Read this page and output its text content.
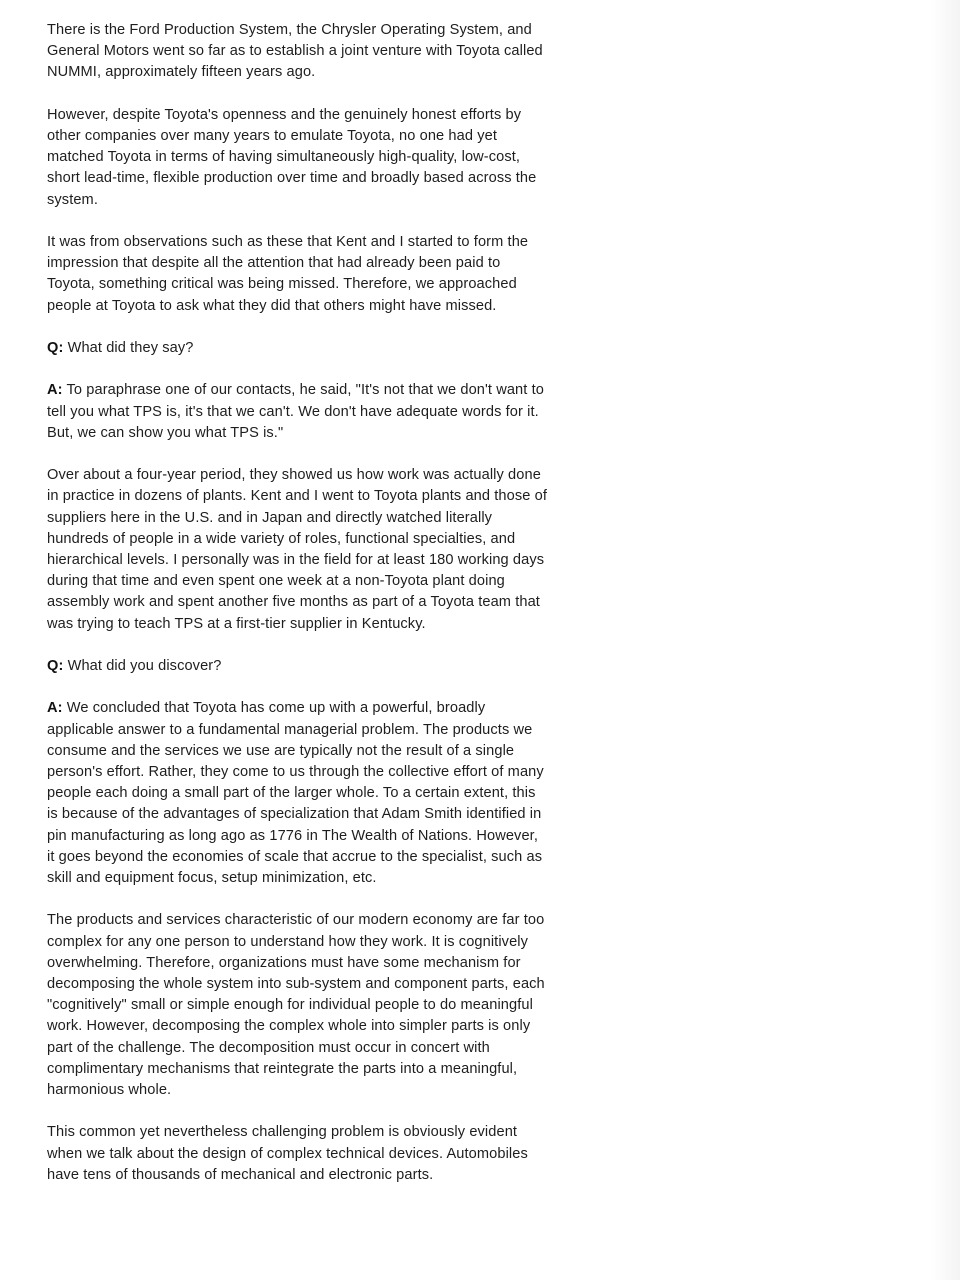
There is the Ford Production System, the Chrysler Operating System, and General Motors went so far as to establish a joint venture with Toyota called NUMMI, approximately fifteen years ago.

However, despite Toyota's openness and the genuinely honest efforts by other companies over many years to emulate Toyota, no one had yet matched Toyota in terms of having simultaneously high-quality, low-cost, short lead-time, flexible production over time and broadly based across the system.

It was from observations such as these that Kent and I started to form the impression that despite all the attention that had already been paid to Toyota, something critical was being missed. Therefore, we approached people at Toyota to ask what they did that others might have missed.

Q: What did they say?

A: To paraphrase one of our contacts, he said, "It's not that we don't want to tell you what TPS is, it's that we can't. We don't have adequate words for it. But, we can show you what TPS is."

Over about a four-year period, they showed us how work was actually done in practice in dozens of plants. Kent and I went to Toyota plants and those of suppliers here in the U.S. and in Japan and directly watched literally hundreds of people in a wide variety of roles, functional specialties, and hierarchical levels. I personally was in the field for at least 180 working days during that time and even spent one week at a non-Toyota plant doing assembly work and spent another five months as part of a Toyota team that was trying to teach TPS at a first-tier supplier in Kentucky.

Q: What did you discover?

A: We concluded that Toyota has come up with a powerful, broadly applicable answer to a fundamental managerial problem. The products we consume and the services we use are typically not the result of a single person's effort. Rather, they come to us through the collective effort of many people each doing a small part of the larger whole. To a certain extent, this is because of the advantages of specialization that Adam Smith identified in pin manufacturing as long ago as 1776 in The Wealth of Nations. However, it goes beyond the economies of scale that accrue to the specialist, such as skill and equipment focus, setup minimization, etc.

The products and services characteristic of our modern economy are far too complex for any one person to understand how they work. It is cognitively overwhelming. Therefore, organizations must have some mechanism for decomposing the whole system into sub-system and component parts, each "cognitively" small or simple enough for individual people to do meaningful work. However, decomposing the complex whole into simpler parts is only part of the challenge. The decomposition must occur in concert with complimentary mechanisms that reintegrate the parts into a meaningful, harmonious whole.

This common yet nevertheless challenging problem is obviously evident when we talk about the design of complex technical devices. Automobiles have tens of thousands of mechanical and electronic parts.
